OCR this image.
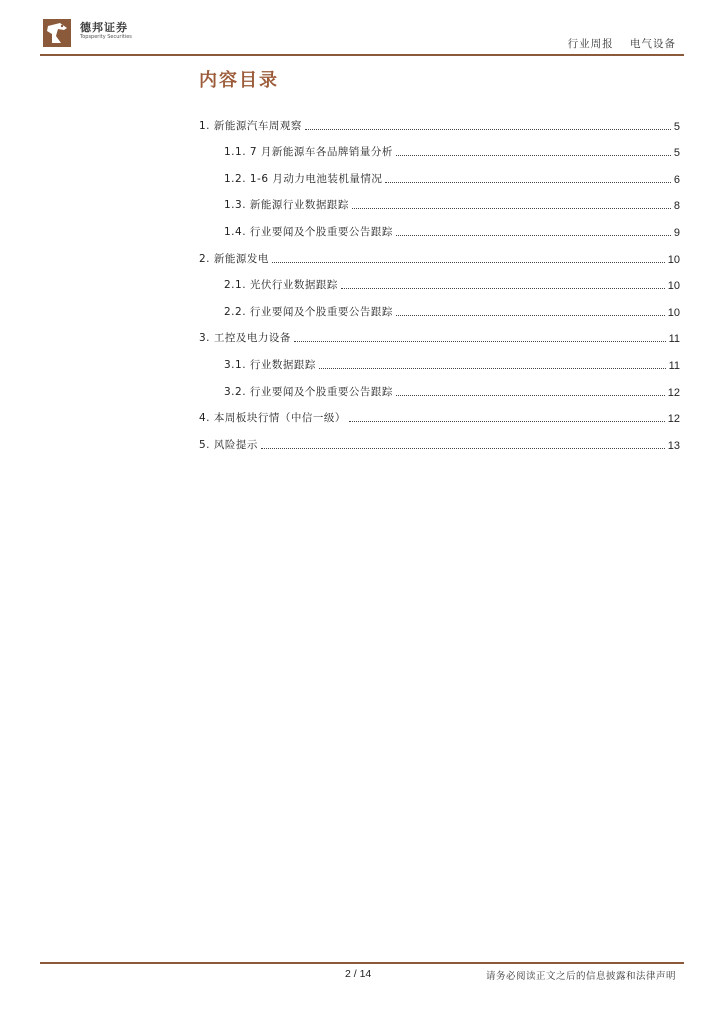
德邦证券
Topsperity Securities
行业周报 电气设备
内容目录
1. 新能源汽车周观察	5
1.1. 7 月新能源车各品牌销量分析	5
1.2. 1-6 月动力电池装机量情况	6
1.3. 新能源行业数据跟踪	8
1.4. 行业要闻及个股重要公告跟踪	9
2. 新能源发电	10
2.1. 光伏行业数据跟踪	10
2.2. 行业要闻及个股重要公告跟踪	10
3. 工控及电力设备	11
3.1. 行业数据跟踪	11
3.2. 行业要闻及个股重要公告跟踪	12
4. 本周板块行情（中信一级）	12
5. 风险提示	13
2 / 14	请务必阅读正文之后的信息披露和法律声明
